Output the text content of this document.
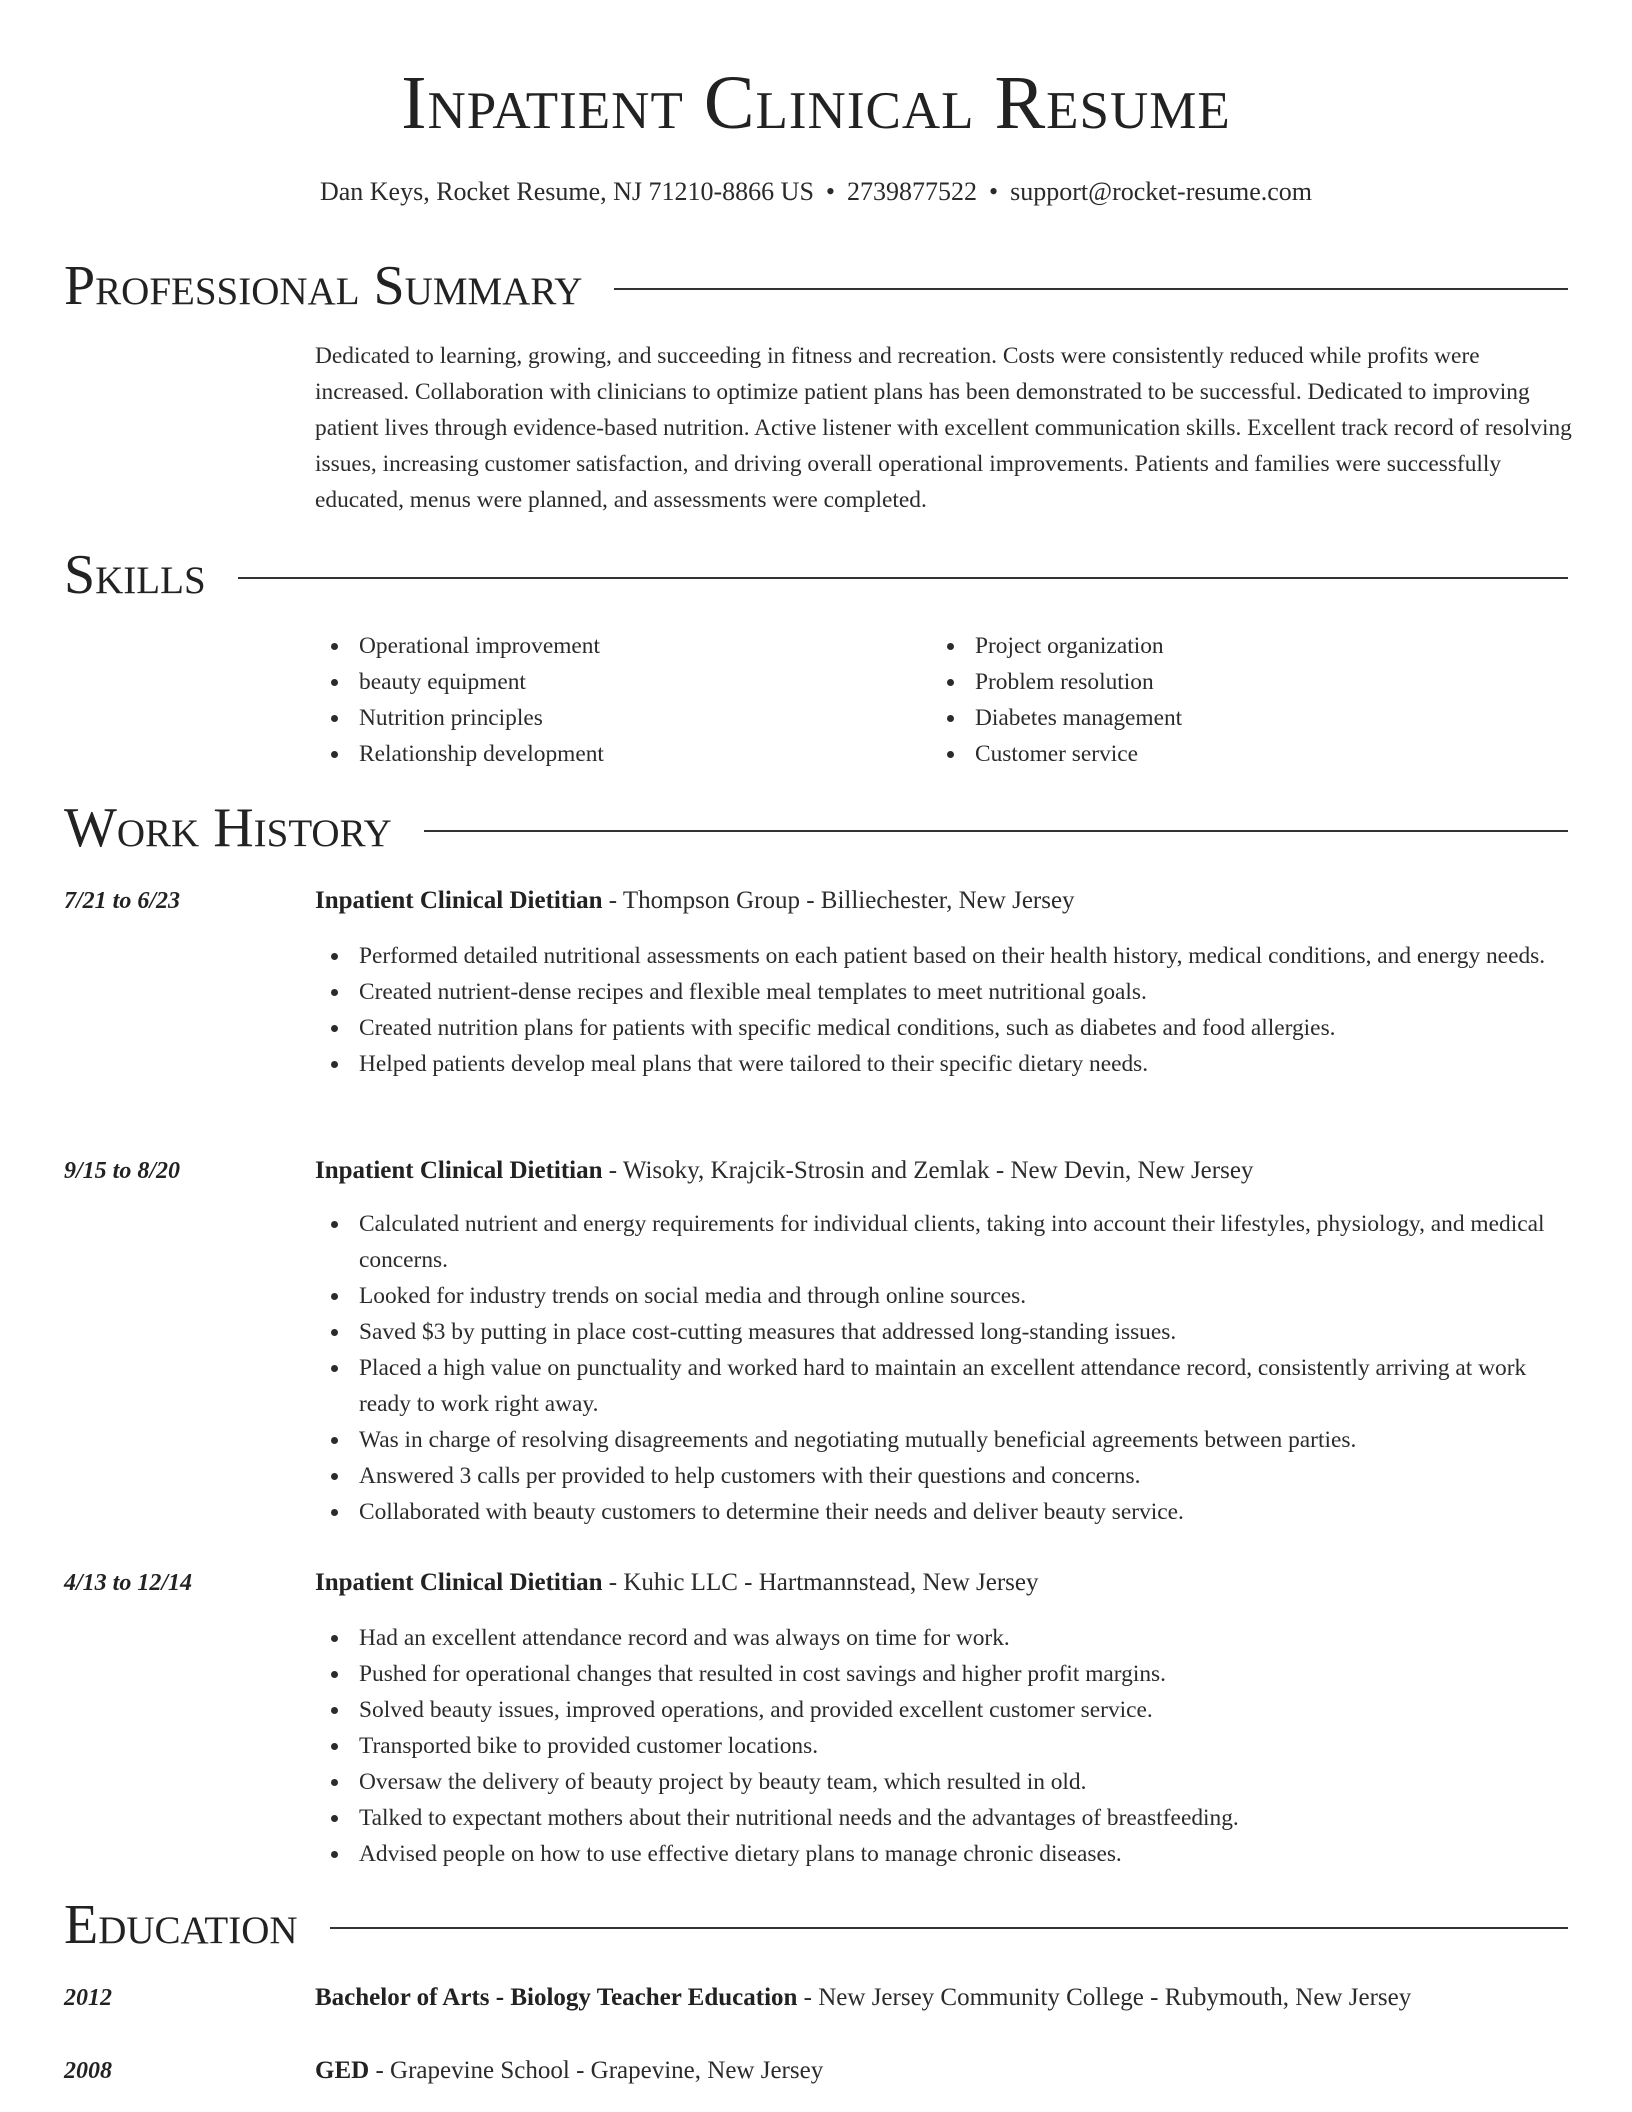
Inpatient Clinical Resume
Dan Keys, Rocket Resume, NJ 71210-8866 US • 2739877522 • support@rocket-resume.com
Professional Summary

Dedicated to learning, growing, and succeeding in fitness and recreation. Costs were consistently reduced while profits were increased. Collaboration with clinicians to optimize patient plans has been demonstrated to be successful. Dedicated to improving patient lives through evidence-based nutrition. Active listener with excellent communication skills. Excellent track record of resolving issues, increasing customer satisfaction, and driving overall operational improvements. Patients and families were successfully educated, menus were planned, and assessments were completed.

Skills
Operational improvement
beauty equipment
Nutrition principles
Relationship development
Project organization
Problem resolution
Diabetes management
Customer service
Work History
7/21 to 6/23	Inpatient Clinical Dietitian - Thompson Group - Billiechester, New Jersey
Performed detailed nutritional assessments on each patient based on their health history, medical conditions, and energy needs.
Created nutrient-dense recipes and flexible meal templates to meet nutritional goals.
Created nutrition plans for patients with specific medical conditions, such as diabetes and food allergies.
Helped patients develop meal plans that were tailored to their specific dietary needs.
9/15 to 8/20	Inpatient Clinical Dietitian - Wisoky, Krajcik-Strosin and Zemlak - New Devin, New Jersey
Calculated nutrient and energy requirements for individual clients, taking into account their lifestyles, physiology, and medical concerns.
Looked for industry trends on social media and through online sources.
Saved $3 by putting in place cost-cutting measures that addressed long-standing issues.
Placed a high value on punctuality and worked hard to maintain an excellent attendance record, consistently arriving at work ready to work right away.
Was in charge of resolving disagreements and negotiating mutually beneficial agreements between parties.
Answered 3 calls per provided to help customers with their questions and concerns.
Collaborated with beauty customers to determine their needs and deliver beauty service.
4/13 to 12/14	Inpatient Clinical Dietitian - Kuhic LLC - Hartmannstead, New Jersey
Had an excellent attendance record and was always on time for work.
Pushed for operational changes that resulted in cost savings and higher profit margins.
Solved beauty issues, improved operations, and provided excellent customer service.
Transported bike to provided customer locations.
Oversaw the delivery of beauty project by beauty team, which resulted in old.
Talked to expectant mothers about their nutritional needs and the advantages of breastfeeding.
Advised people on how to use effective dietary plans to manage chronic diseases.
Education
2012	Bachelor of Arts - Biology Teacher Education - New Jersey Community College - Rubymouth, New Jersey
2008	GED - Grapevine School - Grapevine, New Jersey
